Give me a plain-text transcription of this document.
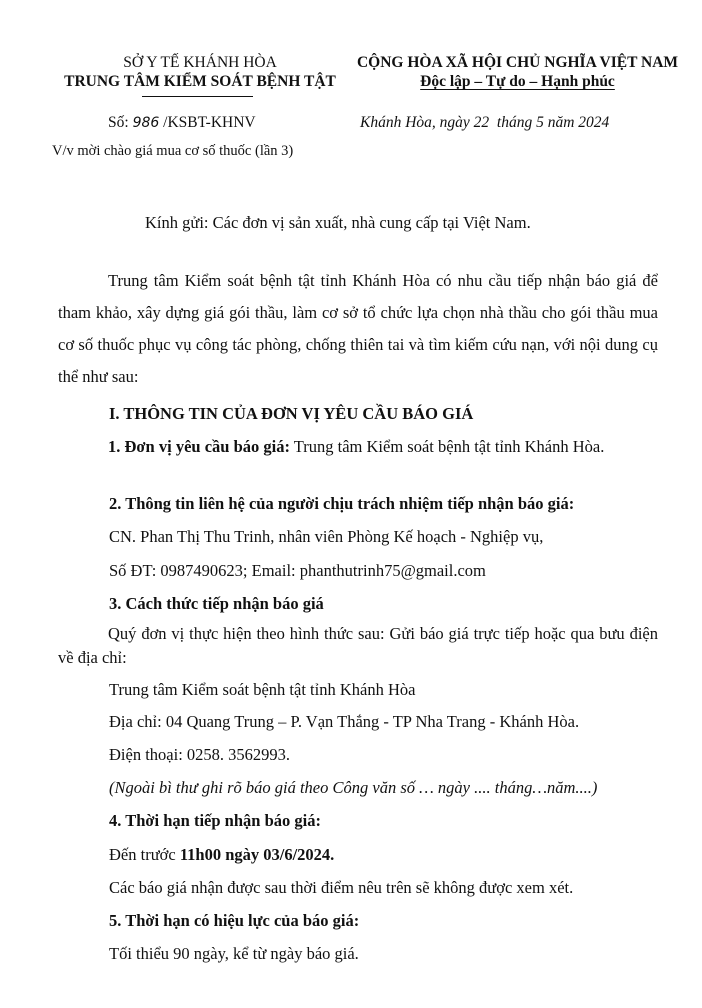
SỞ Y TẾ KHÁNH HÒA
TRUNG TÂM KIỂM SOÁT BỆNH TẬT
CỘNG HÒA XÃ HỘI CHỦ NGHĨA VIỆT NAM
Độc lập – Tự do – Hạnh phúc
Số: 986 /KSBT-KHNV	Khánh Hòa, ngày 22 tháng 5 năm 2024
V/v mời chào giá mua cơ số thuốc (lần 3)
Kính gửi: Các đơn vị sản xuất, nhà cung cấp tại Việt Nam.
Trung tâm Kiểm soát bệnh tật tỉnh Khánh Hòa có nhu cầu tiếp nhận báo giá để tham khảo, xây dựng giá gói thầu, làm cơ sở tổ chức lựa chọn nhà thầu cho gói thầu mua cơ số thuốc phục vụ công tác phòng, chống thiên tai và tìm kiếm cứu nạn, với nội dung cụ thể như sau:
I. THÔNG TIN CỦA ĐƠN VỊ YÊU CẦU BÁO GIÁ
1. Đơn vị yêu cầu báo giá: Trung tâm Kiểm soát bệnh tật tỉnh Khánh Hòa.
2. Thông tin liên hệ của người chịu trách nhiệm tiếp nhận báo giá:
CN. Phan Thị Thu Trinh, nhân viên Phòng Kế hoạch - Nghiệp vụ,
Số ĐT: 0987490623; Email: phanthutrinh75@gmail.com
3. Cách thức tiếp nhận báo giá
Quý đơn vị thực hiện theo hình thức sau: Gửi báo giá trực tiếp hoặc qua bưu điện về địa chỉ:
Trung tâm Kiểm soát bệnh tật tỉnh Khánh Hòa
Địa chỉ: 04 Quang Trung – P. Vạn Thắng - TP Nha Trang - Khánh Hòa.
Điện thoại: 0258. 3562993.
(Ngoài bì thư ghi rõ báo giá theo Công văn số … ngày .... tháng…năm....)
4. Thời hạn tiếp nhận báo giá:
Đến trước 11h00 ngày 03/6/2024.
Các báo giá nhận được sau thời điểm nêu trên sẽ không được xem xét.
5. Thời hạn có hiệu lực của báo giá:
Tối thiểu 90 ngày, kể từ ngày báo giá.
